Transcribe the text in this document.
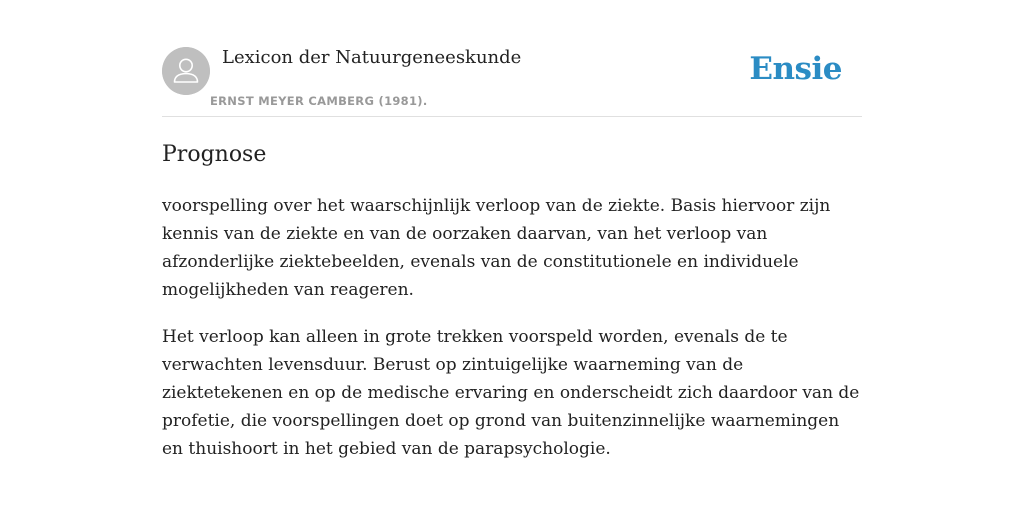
Lexicon der Natuurgeneeskunde
ERNST MEYER CAMBERG (1981).
Ensie
Prognose

voorspelling over het waarschijnlijk verloop van de ziekte. Basis hiervoor zijn kennis van de ziekte en van de oorzaken daarvan, van het verloop van afzonderlijke ziektebeelden, evenals van de constitutionele en individuele mogelijkheden van reageren.

Het verloop kan alleen in grote trekken voorspeld worden, evenals de te verwachten levensduur. Berust op zintuigelijke waarneming van de ziektetekenen en op de medische ervaring en onderscheidt zich daardoor van de profetie, die voorspellingen doet op grond van buitenzinnelijke waarnemingen en thuishoort in het gebied van de parapsychologie.
